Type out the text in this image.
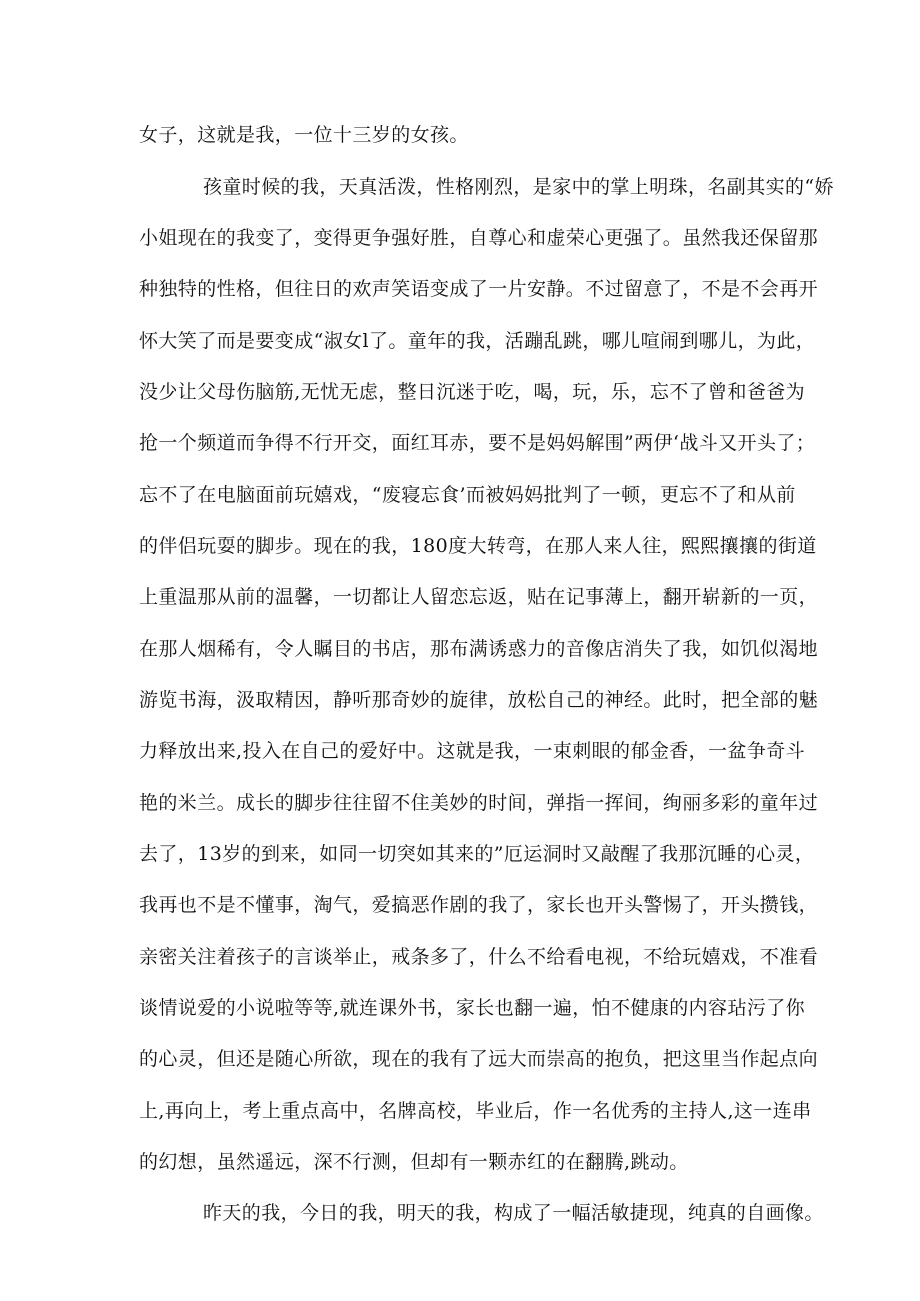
女子，这就是我，一位十三岁的女孩。
孩童时候的我，天真活泼，性格刚烈，是家中的掌上明珠，名副其实的“娇
小姐现在的我变了，变得更争强好胜，自尊心和虚荣心更强了。虽然我还保留那
种独特的性格，但往日的欢声笑语变成了一片安静。不过留意了，不是不会再开
怀大笑了而是要变成“淑女l了。童年的我，活蹦乱跳，哪儿喧闹到哪儿，为此，
没少让父母伤脑筋,无忧无虑，整日沉迷于吃，喝，玩，乐，忘不了曾和爸爸为
抢一个频道而争得不行开交，面红耳赤，要不是妈妈解围”两伊‘战斗又开头了；
忘不了在电脑面前玩嬉戏，“废寝忘食’而被妈妈批判了一顿，更忘不了和从前
的伴侣玩耍的脚步。现在的我，180度大转弯，在那人来人往，熙熙攘攘的街道
上重温那从前的温馨，一切都让人留恋忘返，贴在记事薄上，翻开崭新的一页，
在那人烟稀有，令人瞩目的书店，那布满诱惑力的音像店消失了我，如饥似渴地
游览书海，汲取精因，静听那奇妙的旋律，放松自己的神经。此时，把全部的魅
力释放出来,投入在自己的爱好中。这就是我，一束刺眼的郁金香，一盆争奇斗
艳的米兰。成长的脚步往往留不住美妙的时间，弹指一挥间，绚丽多彩的童年过
去了，13岁的到来，如同一切突如其来的”厄运洞时又敲醒了我那沉睡的心灵，
我再也不是不懂事，淘气，爱搞恶作剧的我了，家长也开头警惕了，开头攒钱，
亲密关注着孩子的言谈举止，戒条多了，什么不给看电视，不给玩嬉戏，不准看
谈情说爱的小说啦等等,就连课外书，家长也翻一遍，怕不健康的内容玷污了你
的心灵，但还是随心所欲，现在的我有了远大而崇高的抱负，把这里当作起点向
上,再向上，考上重点高中，名牌高校，毕业后，作一名优秀的主持人,这一连串
的幻想，虽然遥远，深不行测，但却有一颗赤红的在翻腾,跳动。
昨天的我，今日的我，明天的我，构成了一幅活敏捷现，纯真的自画像。
